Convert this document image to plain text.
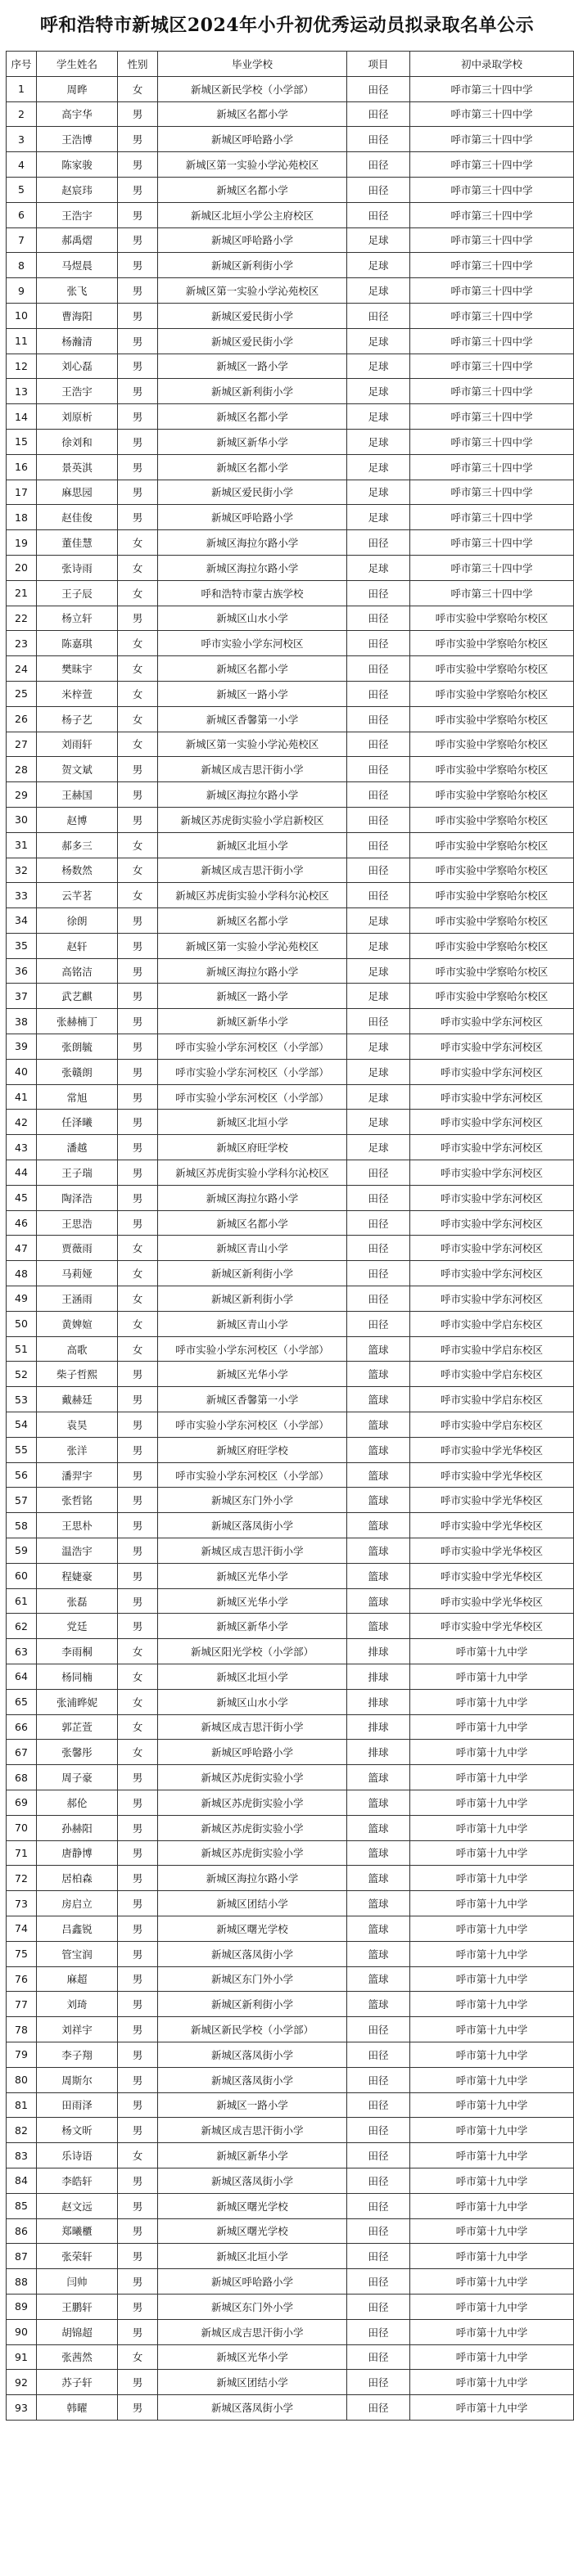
呼和浩特市新城区2024年小升初优秀运动员拟录取名单公示
序号	学生姓名	性别	毕业学校	项目	初中录取学校
1	周晔	女	新城区新民学校（小学部）	田径	呼市第三十四中学
2	高宇华	男	新城区名都小学	田径	呼市第三十四中学
3	王浩博	男	新城区呼哈路小学	田径	呼市第三十四中学
4	陈家骏	男	新城区第一实验小学沁苑校区	田径	呼市第三十四中学
5	赵宸玮	男	新城区名都小学	田径	呼市第三十四中学
6	王浩宇	男	新城区北垣小学公主府校区	田径	呼市第三十四中学
7	郝禹熠	男	新城区呼哈路小学	足球	呼市第三十四中学
8	马煜晨	男	新城区新利街小学	足球	呼市第三十四中学
9	张飞	男	新城区第一实验小学沁苑校区	足球	呼市第三十四中学
10	曹海阳	男	新城区爱民街小学	田径	呼市第三十四中学
11	杨瀚清	男	新城区爱民街小学	足球	呼市第三十四中学
12	刘心磊	男	新城区一路小学	足球	呼市第三十四中学
13	王浩宇	男	新城区新利街小学	足球	呼市第三十四中学
14	刘原析	男	新城区名都小学	足球	呼市第三十四中学
15	徐刘和	男	新城区新华小学	足球	呼市第三十四中学
16	景英淇	男	新城区名都小学	足球	呼市第三十四中学
17	麻思园	男	新城区爱民街小学	足球	呼市第三十四中学
18	赵佳俊	男	新城区呼哈路小学	足球	呼市第三十四中学
19	董佳慧	女	新城区海拉尔路小学	田径	呼市第三十四中学
20	张诗雨	女	新城区海拉尔路小学	足球	呼市第三十四中学
21	王子辰	女	呼和浩特市蒙古族学校	田径	呼市第三十四中学
22	杨立轩	男	新城区山水小学	田径	呼市实验中学察哈尔校区
23	陈嘉琪	女	呼市实验小学东河校区	田径	呼市实验中学察哈尔校区
24	樊昧宇	女	新城区名都小学	田径	呼市实验中学察哈尔校区
25	米梓萱	女	新城区一路小学	田径	呼市实验中学察哈尔校区
26	杨子艺	女	新城区香馨第一小学	田径	呼市实验中学察哈尔校区
27	刘雨轩	女	新城区第一实验小学沁苑校区	田径	呼市实验中学察哈尔校区
28	贺文斌	男	新城区成吉思汗街小学	田径	呼市实验中学察哈尔校区
29	王赫国	男	新城区海拉尔路小学	田径	呼市实验中学察哈尔校区
30	赵博	男	新城区苏虎街实验小学启新校区	田径	呼市实验中学察哈尔校区
31	郝多三	女	新城区北垣小学	田径	呼市实验中学察哈尔校区
32	杨数然	女	新城区成吉思汗街小学	田径	呼市实验中学察哈尔校区
33	云芊茗	女	新城区苏虎街实验小学科尔沁校区	田径	呼市实验中学察哈尔校区
34	徐朗	男	新城区名都小学	足球	呼市实验中学察哈尔校区
35	赵轩	男	新城区第一实验小学沁苑校区	足球	呼市实验中学察哈尔校区
36	高铭洁	男	新城区海拉尔路小学	足球	呼市实验中学察哈尔校区
37	武艺麒	男	新城区一路小学	足球	呼市实验中学察哈尔校区
38	张赫楠丁	男	新城区新华小学	田径	呼市实验中学东河校区
39	张朗毓	男	呼市实验小学东河校区（小学部）	足球	呼市实验中学东河校区
40	张赣朗	男	呼市实验小学东河校区（小学部）	足球	呼市实验中学东河校区
41	常旭	男	呼市实验小学东河校区（小学部）	足球	呼市实验中学东河校区
42	任泽曦	男	新城区北垣小学	足球	呼市实验中学东河校区
43	潘越	男	新城区府旺学校	足球	呼市实验中学东河校区
44	王子瑞	男	新城区苏虎街实验小学科尔沁校区	田径	呼市实验中学东河校区
45	陶泽浩	男	新城区海拉尔路小学	田径	呼市实验中学东河校区
46	王思浩	男	新城区名都小学	田径	呼市实验中学东河校区
47	贾薇雨	女	新城区青山小学	田径	呼市实验中学东河校区
48	马莉娅	女	新城区新利街小学	田径	呼市实验中学东河校区
49	王涵雨	女	新城区新利街小学	田径	呼市实验中学东河校区
50	黄婢媗	女	新城区青山小学	田径	呼市实验中学启东校区
51	高歌	女	呼市实验小学东河校区（小学部）	篮球	呼市实验中学启东校区
52	柴子哲熙	男	新城区光华小学	篮球	呼市实验中学启东校区
53	戴赫廷	男	新城区香馨第一小学	篮球	呼市实验中学启东校区
54	袁昊	男	呼市实验小学东河校区（小学部）	篮球	呼市实验中学启东校区
55	张洋	男	新城区府旺学校	篮球	呼市实验中学光华校区
56	潘羿宇	男	呼市实验小学东河校区（小学部）	篮球	呼市实验中学光华校区
57	张哲铭	男	新城区东门外小学	篮球	呼市实验中学光华校区
58	王思朴	男	新城区落凤街小学	篮球	呼市实验中学光华校区
59	温浩宇	男	新城区成吉思汗街小学	篮球	呼市实验中学光华校区
60	程婕豪	男	新城区光华小学	篮球	呼市实验中学光华校区
61	张磊	男	新城区光华小学	篮球	呼市实验中学光华校区
62	党廷	男	新城区新华小学	篮球	呼市实验中学光华校区
63	李雨桐	女	新城区阳光学校（小学部）	排球	呼市第十九中学
64	杨同楠	女	新城区北垣小学	排球	呼市第十九中学
65	张浦晔妮	女	新城区山水小学	排球	呼市第十九中学
66	郭芷萱	女	新城区成吉思汗街小学	排球	呼市第十九中学
67	张馨彤	女	新城区呼哈路小学	排球	呼市第十九中学
68	周子豪	男	新城区苏虎街实验小学	篮球	呼市第十九中学
69	郝伦	男	新城区苏虎街实验小学	篮球	呼市第十九中学
70	孙赫阳	男	新城区苏虎街实验小学	篮球	呼市第十九中学
71	唐静博	男	新城区苏虎街实验小学	篮球	呼市第十九中学
72	居柏森	男	新城区海拉尔路小学	篮球	呼市第十九中学
73	房启立	男	新城区团结小学	篮球	呼市第十九中学
74	吕鑫锐	男	新城区曙光学校	篮球	呼市第十九中学
75	管宝润	男	新城区落凤街小学	篮球	呼市第十九中学
76	麻超	男	新城区东门外小学	篮球	呼市第十九中学
77	刘琦	男	新城区新利街小学	篮球	呼市第十九中学
78	刘祥宇	男	新城区新民学校（小学部）	田径	呼市第十九中学
79	李子翔	男	新城区落凤街小学	田径	呼市第十九中学
80	周斯尔	男	新城区落凤街小学	田径	呼市第十九中学
81	田雨泽	男	新城区一路小学	田径	呼市第十九中学
82	杨文昕	男	新城区成吉思汗街小学	田径	呼市第十九中学
83	乐诗语	女	新城区新华小学	田径	呼市第十九中学
84	李皓轩	男	新城区落凤街小学	田径	呼市第十九中学
85	赵文远	男	新城区曙光学校	田径	呼市第十九中学
86	郑曦櫃	男	新城区曙光学校	田径	呼市第十九中学
87	张荣轩	男	新城区北垣小学	田径	呼市第十九中学
88	闫帅	男	新城区呼哈路小学	田径	呼市第十九中学
89	王鹏轩	男	新城区东门外小学	田径	呼市第十九中学
90	胡锦超	男	新城区成吉思汗街小学	田径	呼市第十九中学
91	张茜然	女	新城区光华小学	田径	呼市第十九中学
92	苏子轩	男	新城区团结小学	田径	呼市第十九中学
93	韩曜	男	新城区落凤街小学	田径	呼市第十九中学
